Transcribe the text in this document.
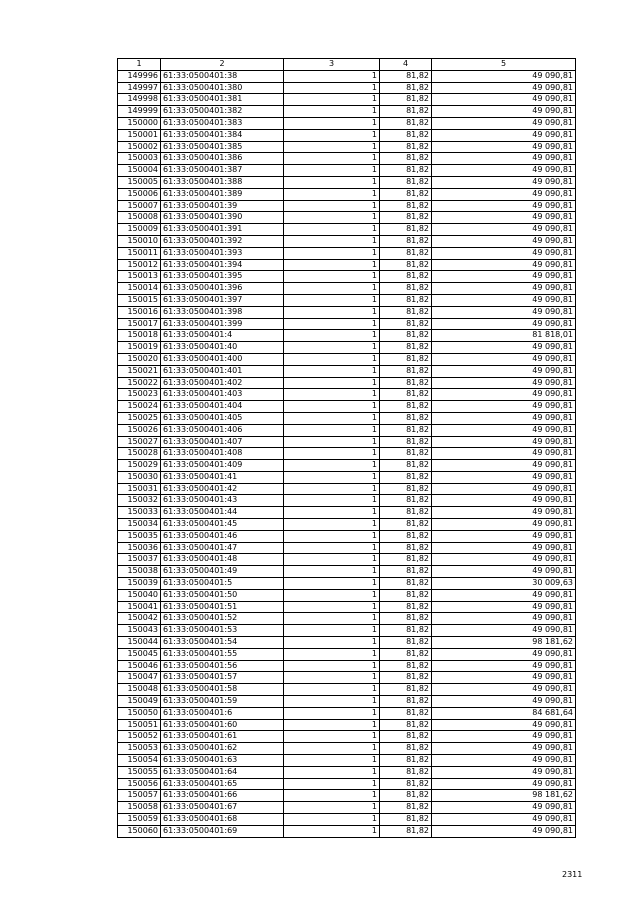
1	2	3	4	5
149996	61:33:0500401:38	1	81,82	49 090,81
149997	61:33:0500401:380	1	81,82	49 090,81
149998	61:33:0500401:381	1	81,82	49 090,81
149999	61:33:0500401:382	1	81,82	49 090,81
150000	61:33:0500401:383	1	81,82	49 090,81
150001	61:33:0500401:384	1	81,82	49 090,81
150002	61:33:0500401:385	1	81,82	49 090,81
150003	61:33:0500401:386	1	81,82	49 090,81
150004	61:33:0500401:387	1	81,82	49 090,81
150005	61:33:0500401:388	1	81,82	49 090,81
150006	61:33:0500401:389	1	81,82	49 090,81
150007	61:33:0500401:39	1	81,82	49 090,81
150008	61:33:0500401:390	1	81,82	49 090,81
150009	61:33:0500401:391	1	81,82	49 090,81
150010	61:33:0500401:392	1	81,82	49 090,81
150011	61:33:0500401:393	1	81,82	49 090,81
150012	61:33:0500401:394	1	81,82	49 090,81
150013	61:33:0500401:395	1	81,82	49 090,81
150014	61:33:0500401:396	1	81,82	49 090,81
150015	61:33:0500401:397	1	81,82	49 090,81
150016	61:33:0500401:398	1	81,82	49 090,81
150017	61:33:0500401:399	1	81,82	49 090,81
150018	61:33:0500401:4	1	81,82	81 818,01
150019	61:33:0500401:40	1	81,82	49 090,81
150020	61:33:0500401:400	1	81,82	49 090,81
150021	61:33:0500401:401	1	81,82	49 090,81
150022	61:33:0500401:402	1	81,82	49 090,81
150023	61:33:0500401:403	1	81,82	49 090,81
150024	61:33:0500401:404	1	81,82	49 090,81
150025	61:33:0500401:405	1	81,82	49 090,81
150026	61:33:0500401:406	1	81,82	49 090,81
150027	61:33:0500401:407	1	81,82	49 090,81
150028	61:33:0500401:408	1	81,82	49 090,81
150029	61:33:0500401:409	1	81,82	49 090,81
150030	61:33:0500401:41	1	81,82	49 090,81
150031	61:33:0500401:42	1	81,82	49 090,81
150032	61:33:0500401:43	1	81,82	49 090,81
150033	61:33:0500401:44	1	81,82	49 090,81
150034	61:33:0500401:45	1	81,82	49 090,81
150035	61:33:0500401:46	1	81,82	49 090,81
150036	61:33:0500401:47	1	81,82	49 090,81
150037	61:33:0500401:48	1	81,82	49 090,81
150038	61:33:0500401:49	1	81,82	49 090,81
150039	61:33:0500401:5	1	81,82	30 009,63
150040	61:33:0500401:50	1	81,82	49 090,81
150041	61:33:0500401:51	1	81,82	49 090,81
150042	61:33:0500401:52	1	81,82	49 090,81
150043	61:33:0500401:53	1	81,82	49 090,81
150044	61:33:0500401:54	1	81,82	98 181,62
150045	61:33:0500401:55	1	81,82	49 090,81
150046	61:33:0500401:56	1	81,82	49 090,81
150047	61:33:0500401:57	1	81,82	49 090,81
150048	61:33:0500401:58	1	81,82	49 090,81
150049	61:33:0500401:59	1	81,82	49 090,81
150050	61:33:0500401:6	1	81,82	84 681,64
150051	61:33:0500401:60	1	81,82	49 090,81
150052	61:33:0500401:61	1	81,82	49 090,81
150053	61:33:0500401:62	1	81,82	49 090,81
150054	61:33:0500401:63	1	81,82	49 090,81
150055	61:33:0500401:64	1	81,82	49 090,81
150056	61:33:0500401:65	1	81,82	49 090,81
150057	61:33:0500401:66	1	81,82	98 181,62
150058	61:33:0500401:67	1	81,82	49 090,81
150059	61:33:0500401:68	1	81,82	49 090,81
150060	61:33:0500401:69	1	81,82	49 090,81
2311
